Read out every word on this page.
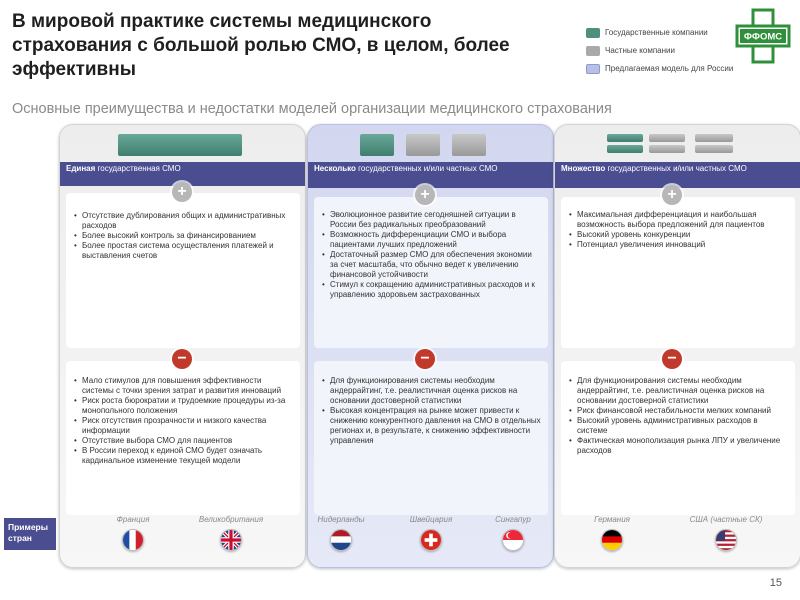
В мировой практике системы медицинского страхования с большой ролью СМО, в целом, более эффективны
Государственные компании
Частные компании
Предлагаемая модель для России
ФФОМС
Основные преимущества и недостатки моделей организации медицинского страхования
Единая государственная СМО
• Отсутствие дублирования общих и административных расходов
• Более высокий контроль за финансированием
• Более простая система осуществления платежей и выставления счетов
+
• Мало стимулов для повышения эффективности системы с точки зрения затрат и развития инноваций
• Риск роста бюрократии и трудоемкие процедуры из-за монопольного положения
• Риск отсутствия прозрачности и низкого качества информации
• Отсутствие выбора СМО для пациентов
• В России переход к единой СМО будет означать кардинальное изменение текущей модели
−
Франция	Великобритания
Несколько государственных и/или частных СМО
• Эволюционное развитие сегодняшней ситуации в России без радикальных преобразований
• Возможность дифференциации СМО и выбора пациентами лучших предложений
• Достаточный размер СМО для обеспечения экономии за счет масштаба, что обычно ведет к увеличению финансовой устойчивости
• Стимул к сокращению административных расходов и к управлению здоровьем застрахованных
+
• Для функционирования системы необходим андеррайтинг, т.е. реалистичная оценка рисков на основании достоверной статистики
• Высокая концентрация на рынке может привести к снижению конкурентного давления на СМО в отдельных регионах и, в результате, к снижению эффективности управления
−
Нидерланды	Швейцария	Сингапур
Множество государственных и/или частных СМО
• Максимальная дифференциация и наибольшая возможность выбора предложений для пациентов
• Высокий уровень конкуренции
• Потенциал увеличения инноваций
+
• Для функционирования системы необходим андеррайтинг, т.е. реалистичная оценка рисков на основании достоверной статистики
• Риск финансовой нестабильности мелких компаний
• Высокий уровень административных расходов в системе
• Фактическая монополизация рынка ЛПУ и увеличение расходов
−
Германия	США (частные СК)
Примеры стран
15
